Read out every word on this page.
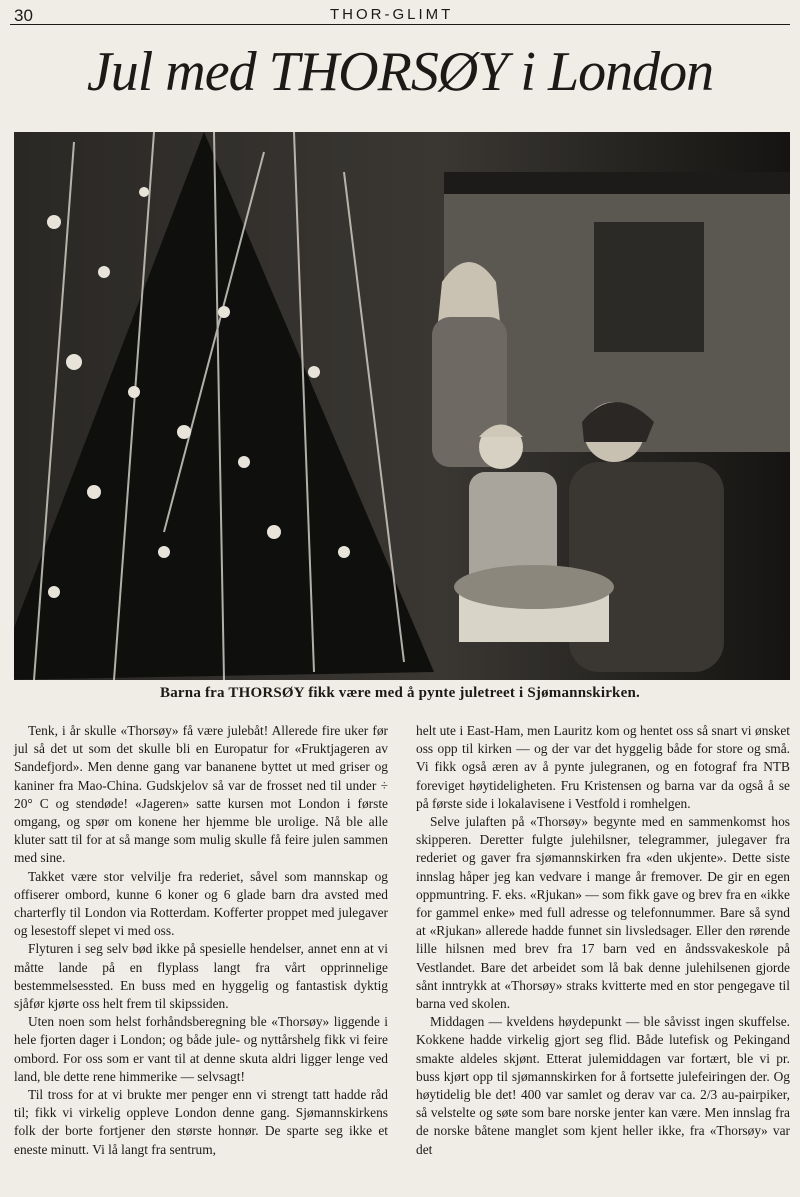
30	THOR-GLIMT
Jul med THORSØY i London
Barna fra THORSØY fikk være med å pynte juletreet i Sjømannskirken.

Tenk, i år skulle «Thorsøy» få være julebåt! Allerede fire uker før jul så det ut som det skulle bli en Europatur for «Fruktjageren av Sandefjord». Men denne gang var bananene byttet ut med griser og kaniner fra Mao-China. Gudskjelov så var de frosset ned til under ÷ 20° C og stendøde! «Jageren» satte kursen mot London i første omgang, og spør om konene her hjemme ble urolige. Nå ble alle kluter satt til for at så mange som mulig skulle få feire julen sammen med sine.

Takket være stor velvilje fra rederiet, såvel som mannskap og offiserer ombord, kunne 6 koner og 6 glade barn dra avsted med charterfly til London via Rotterdam. Kofferter proppet med julegaver og lesestoff slepet vi med oss.

Flyturen i seg selv bød ikke på spesielle hendelser, annet enn at vi måtte lande på en flyplass langt fra vårt opprinnelige bestemmelsessted. En buss med en hyggelig og fantastisk dyktig sjåfør kjørte oss helt frem til skipssiden.

Uten noen som helst forhåndsberegning ble «Thorsøy» liggende i hele fjorten dager i London; og både jule- og nyttårshelg fikk vi feire ombord. For oss som er vant til at denne skuta aldri ligger lenge ved land, ble dette rene himmerike — selvsagt!

Til tross for at vi brukte mer penger enn vi strengt tatt hadde råd til; fikk vi virkelig oppleve London denne gang. Sjømannskirkens folk der borte fortjener den største honnør. De sparte seg ikke et eneste minutt. Vi lå langt fra sentrum,

helt ute i East-Ham, men Lauritz kom og hentet oss så snart vi ønsket oss opp til kirken — og der var det hyggelig både for store og små. Vi fikk også æren av å pynte julegranen, og en fotograf fra NTB foreviget høytideligheten. Fru Kristensen og barna var da også å se på første side i lokalavisene i Vestfold i romhelgen.

Selve julaften på «Thorsøy» begynte med en sammenkomst hos skipperen. Deretter fulgte julehilsner, telegrammer, julegaver fra rederiet og gaver fra sjømannskirken fra «den ukjente». Dette siste innslag håper jeg kan vedvare i mange år fremover. De gir en egen oppmuntring. F. eks. «Rjukan» — som fikk gave og brev fra en «ikke for gammel enke» med full adresse og telefonnummer. Bare så synd at «Rjukan» allerede hadde funnet sin livsledsager. Eller den rørende lille hilsnen med brev fra 17 barn ved en åndssvakeskole på Vestlandet. Bare det arbeidet som lå bak denne julehilsenen gjorde sånt inntrykk at «Thorsøy» straks kvitterte med en stor pengegave til barna ved skolen.

Middagen — kveldens høydepunkt — ble såvisst ingen skuffelse. Kokkene hadde virkelig gjort seg flid. Både lutefisk og Pekingand smakte aldeles skjønt. Etterat julemiddagen var fortært, ble vi pr. buss kjørt opp til sjømannskirken for å fortsette julefeiringen der. Og høytidelig ble det! 400 var samlet og derav var ca. 2/3 au-pairpiker, så velstelte og søte som bare norske jenter kan være. Men innslag fra de norske båtene manglet som kjent heller ikke, fra «Thorsøy» var det
